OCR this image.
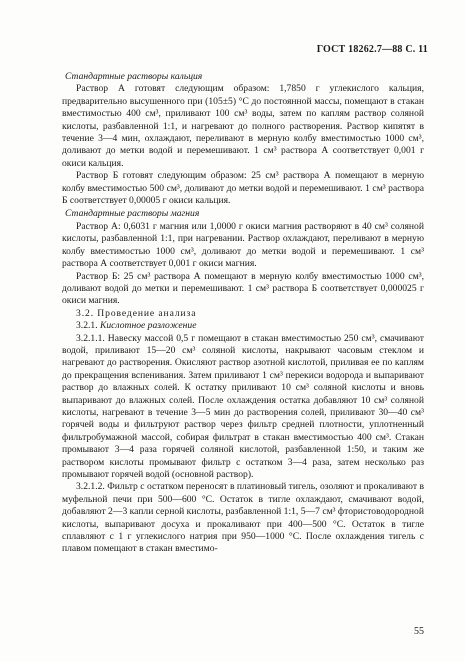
ГОСТ 18262.7—88 С. 11

Стандартные растворы кальция

Раствор А готовят следующим образом: 1,7850 г углекислого кальция, предварительно высушенного при (105±5) °С до постоянной массы, помещают в стакан вместимостью 400 см³, приливают 100 см³ воды, затем по каплям раствор соляной кислоты, разбавленной 1:1, и нагревают до полного растворения. Раствор кипятят в течение 3—4 мин, охлаждают, переливают в мерную колбу вместимостью 1000 см³, доливают до метки водой и перемешивают. 1 см³ раствора А соответствует 0,001 г окиси кальция.

Раствор Б готовят следующим образом: 25 см³ раствора А помещают в мерную колбу вместимостью 500 см³, доливают до метки водой и перемешивают. 1 см³ раствора Б соответствует 0,00005 г окиси кальция.

Стандартные растворы магния

Раствор А: 0,6031 г магния или 1,0000 г окиси магния растворяют в 40 см³ соляной кислоты, разбавленной 1:1, при нагревании. Раствор охлаждают, переливают в мерную колбу вместимостью 1000 см³, доливают до метки водой и перемешивают. 1 см³ раствора А соответствует 0,001 г окиси магния.

Раствор Б: 25 см³ раствора А помещают в мерную колбу вместимостью 1000 см³, доливают водой до метки и перемешивают. 1 см³ раствора Б соответствует 0,000025 г окиси магния.

3.2. Проведение анализа

3.2.1. Кислотное разложение

3.2.1.1. Навеску массой 0,5 г помещают в стакан вместимостью 250 см³, смачивают водой, приливают 15—20 см³ соляной кислоты, накрывают часовым стеклом и нагревают до растворения. Окисляют раствор азотной кислотой, приливая ее по каплям до прекращения вспенивания. Затем приливают 1 см³ перекиси водорода и выпаривают раствор до влажных солей. К остатку приливают 10 см³ соляной кислоты и вновь выпаривают до влажных солей. После охлаждения остатка добавляют 10 см³ соляной кислоты, нагревают в течение 3—5 мин до растворения солей, приливают 30—40 см³ горячей воды и фильтруют раствор через фильтр средней плотности, уплотненный фильтробумажной массой, собирая фильтрат в стакан вместимостью 400 см³. Стакан промывают 3—4 раза горячей соляной кислотой, разбавленной 1:50, и таким же раствором кислоты промывают фильтр с остатком 3—4 раза, затем несколько раз промывают горячей водой (основной раствор).

3.2.1.2. Фильтр с остатком переносят в платиновый тигель, озоляют и прокаливают в муфельной печи при 500—600 °С. Остаток в тигле охлаждают, смачивают водой, добавляют 2—3 капли серной кислоты, разбавленной 1:1, 5—7 см³ фтористоводородной кислоты, выпаривают досуха и прокаливают при 400—500 °С. Остаток в тигле сплавляют с 1 г углекислого натрия при 950—1000 °С. После охлаждения тигель с плавом помещают в стакан вместимо-

55
